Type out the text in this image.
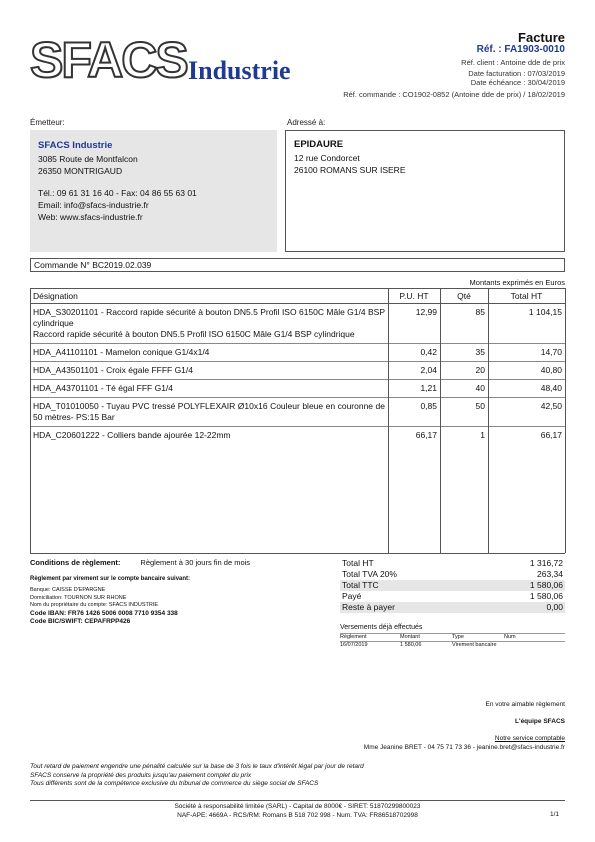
SFACS Industrie
Facture
Réf. : FA1903-0010
Réf. client : Antoine dde de prix
Date facturation : 07/03/2019
Date échéance : 30/04/2019
Réf. commande : CO1902-0852 (Antoine dde de prix) / 18/02/2019
Émetteur:	Adressé à:
SFACS Industrie
3085 Route de Montfalcon
26350 MONTRIGAUD
Tél.: 09 61 31 16 40 - Fax: 04 86 55 63 01
Email: info@sfacs-industrie.fr
Web: www.sfacs-industrie.fr
EPIDAURE
12 rue Condorcet
26100 ROMANS SUR ISERE
Commande N° BC2019.02.039
Montants exprimés en Euros
Désignation	P.U. HT	Qté	Total HT

HDA_S30201101 - Raccord rapide sécurité à bouton DN5.5 Profil ISO 6150C Mâle G1/4 BSP cylindrique
Raccord rapide sécurité à bouton DN5.5 Profil ISO 6150C Mâle G1/4 BSP cylindrique	12,99	85	1 104,15
HDA_A41101101 - Mamelon conique G1/4x1/4	0,42	35	14,70
HDA_A43501101 - Croix égale FFFF G1/4	2,04	20	40,80
HDA_A43701101 - Té égal FFF G1/4	1,21	40	48,40
HDA_T01010050 - Tuyau PVC tressé POLYFLEXAIR Ø10x16 Couleur bleue en couronne de 50 mètres- PS:15 Bar	0,85	50	42,50
HDA_C20601222 - Colliers bande ajourée 12-22mm	66,17	1	66,17
Conditions de règlement:	Règlement à 30 jours fin de mois
Règlement par virement sur le compte bancaire suivant:
Banque: CAISSE D'EPARGNE
Domiciliation: TOURNON SUR RHONE
Nom du propriétaire du compte: SFACS INDUSTRIE
Code IBAN: FR76 1426 5006 0008 7710 9354 338
Code BIC/SWIFT: CEPAFRPP426
Total HT	1 316,72
Total TVA 20%	263,34
Total TTC	1 580,06
Payé	1 580,06
Reste à payer	0,00
Versements déjà effectués
Règlement	Montant	Type	Num
16/07/2019	1 580,06	Virement bancaire
En votre aimable règlement
L'équipe SFACS
Notre service comptable
Mme Jeanine BRET - 04 75 71 73 36 - jeanine.bret@sfacs-industrie.fr
Tout retard de paiement engendre une pénalité calculée sur la base de 3 fois le taux d'intérêt légal par jour de retard
SFACS conserve la propriété des produits jusqu'au paiement complet du prix
Tous différents sont de la compétence exclusive du tribunal de commerce du siège social de SFACS
Société à responsabilité limitée (SARL) - Capital de 8000€ - SIRET: 51870299800023
NAF-APE: 4669A - RCS/RM: Romans B 518 702 998 - Num. TVA: FR86518702998	1/1
